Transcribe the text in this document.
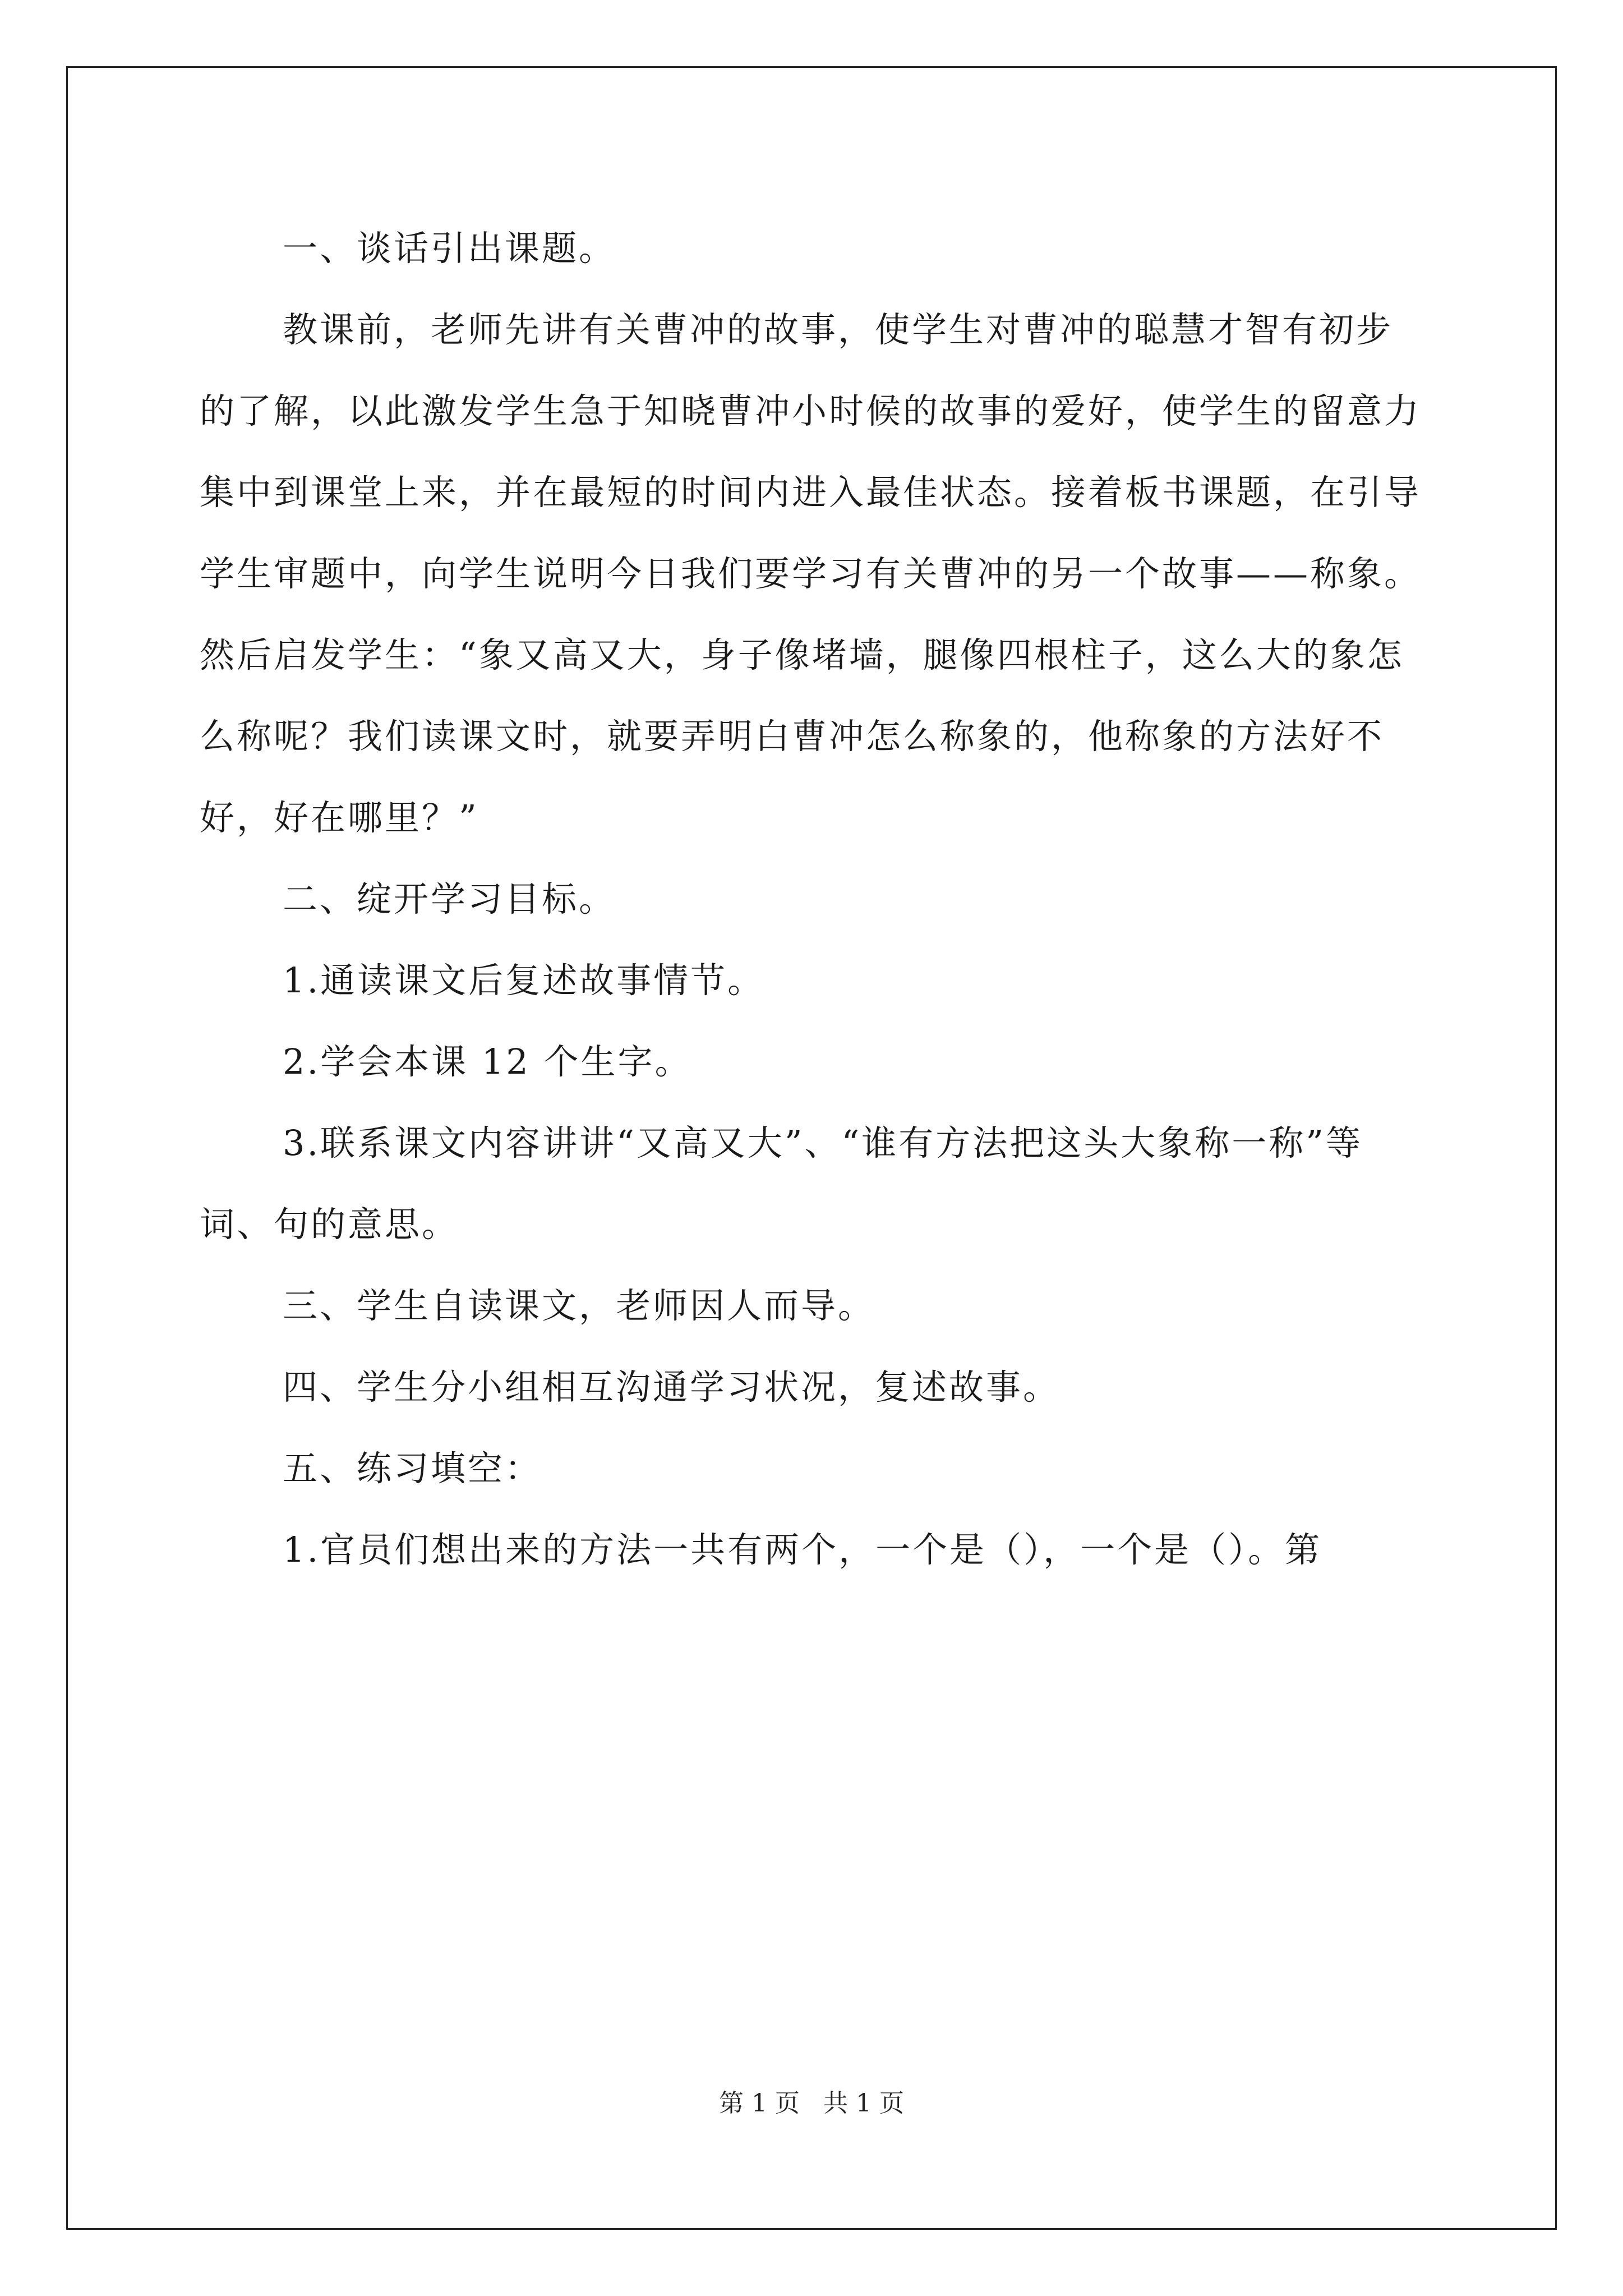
一、谈话引出课题。

教课前，老师先讲有关曹冲的故事，使学生对曹冲的聪慧才智有初步的了解，以此激发学生急于知晓曹冲小时候的故事的爱好，使学生的留意力集中到课堂上来，并在最短的时间内进入最佳状态。接着板书课题，在引导学生审题中，向学生说明今日我们要学习有关曹冲的另一个故事——称象。然后启发学生：“象又高又大，身子像堵墙，腿像四根柱子，这么大的象怎么称呢？我们读课文时，就要弄明白曹冲怎么称象的，他称象的方法好不好，好在哪里？”

二、绽开学习目标。

1.通读课文后复述故事情节。

2.学会本课 12 个生字。

3.联系课文内容讲讲“又高又大”、“谁有方法把这头大象称一称”等词、句的意思。

三、学生自读课文，老师因人而导。

四、学生分小组相互沟通学习状况，复述故事。

五、练习填空：

1.官员们想出来的方法一共有两个，一个是（），一个是（）。第

第 1 页 共 1 页
